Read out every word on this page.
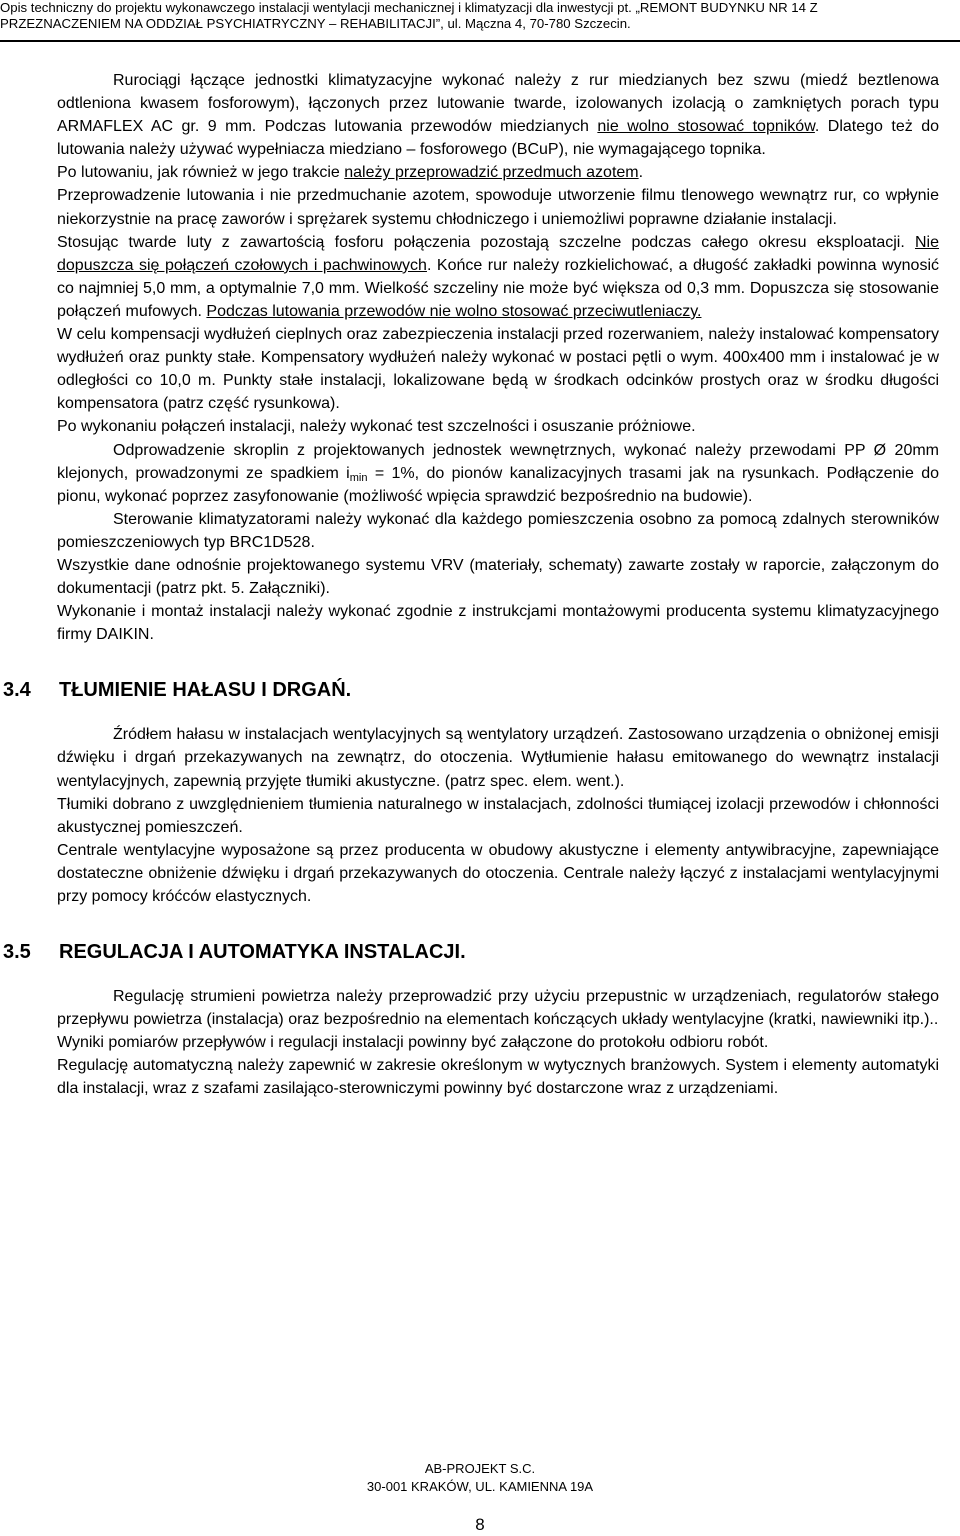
Opis techniczny do projektu wykonawczego instalacji wentylacji mechanicznej i klimatyzacji dla inwestycji pt. „REMONT BUDYNKU NR 14 Z
PRZEZNACZENIEM NA ODDZIAŁ PSYCHIATRYCZNY – REHABILITACJI”, ul. Mączna 4, 70-780 Szczecin.

Rurociągi łączące jednostki klimatyzacyjne wykonać należy z rur miedzianych bez szwu (miedź beztlenowa odtleniona kwasem fosforowym), łączonych przez lutowanie twarde, izolowanych izolacją o zamkniętych porach typu ARMAFLEX AC gr. 9 mm. Podczas lutowania przewodów miedzianych nie wolno stosować topników. Dlatego też do lutowania należy używać wypełniacza miedziano – fosforowego (BCuP), nie wymagającego topnika.

Po lutowaniu, jak również w jego trakcie należy przeprowadzić przedmuch azotem.

Przeprowadzenie lutowania i nie przedmuchanie azotem, spowoduje utworzenie filmu tlenowego wewnątrz rur, co wpłynie niekorzystnie na pracę zaworów i sprężarek systemu chłodniczego i uniemożliwi poprawne działanie instalacji.

Stosując twarde luty z zawartością fosforu połączenia pozostają szczelne podczas całego okresu eksploatacji. Nie dopuszcza się połączeń czołowych i pachwinowych. Końce rur należy rozkielichować, a długość zakładki powinna wynosić co najmniej 5,0 mm, a optymalnie 7,0 mm. Wielkość szczeliny nie może być większa od 0,3 mm. Dopuszcza się stosowanie połączeń mufowych. Podczas lutowania przewodów nie wolno stosować przeciwutleniaczy.

W celu kompensacji wydłużeń cieplnych oraz zabezpieczenia instalacji przed rozerwaniem, należy instalować kompensatory wydłużeń oraz punkty stałe. Kompensatory wydłużeń należy wykonać w postaci pętli o wym. 400x400 mm i instalować je w odległości co 10,0 m. Punkty stałe instalacji, lokalizowane będą w środkach odcinków prostych oraz w środku długości kompensatora (patrz część rysunkowa).

Po wykonaniu połączeń instalacji, należy wykonać test szczelności i osuszanie próżniowe.

Odprowadzenie skroplin z projektowanych jednostek wewnętrznych, wykonać należy przewodami PP Ø 20mm klejonych, prowadzonymi ze spadkiem $i_{min} = 1\%$, do pionów kanalizacyjnych trasami jak na rysunkach. Podłączenie do pionu, wykonać poprzez zasyfonowanie (możliwość wpięcia sprawdzić bezpośrednio na budowie).

Sterowanie klimatyzatorami należy wykonać dla każdego pomieszczenia osobno za pomocą zdalnych sterowników pomieszczeniowych typ BRC1D528.

Wszystkie dane odnośnie projektowanego systemu VRV (materiały, schematy) zawarte zostały w raporcie, załączonym do dokumentacji (patrz pkt. 5. Załączniki).

Wykonanie i montaż instalacji należy wykonać zgodnie z instrukcjami montażowymi producenta systemu klimatyzacyjnego firmy DAIKIN.

3.4 TŁUMIENIE HAŁASU I DRGAŃ.

Źródłem hałasu w instalacjach wentylacyjnych są wentylatory urządzeń. Zastosowano urządzenia o obniżonej emisji dźwięku i drgań przekazywanych na zewnątrz, do otoczenia. Wytłumienie hałasu emitowanego do wewnątrz instalacji wentylacyjnych, zapewnią przyjęte tłumiki akustyczne. (patrz spec. elem. went.).

Tłumiki dobrano z uwzględnieniem tłumienia naturalnego w instalacjach, zdolności tłumiącej izolacji przewodów i chłonności akustycznej pomieszczeń.

Centrale wentylacyjne wyposażone są przez producenta w obudowy akustyczne i elementy antywibracyjne, zapewniające dostateczne obniżenie dźwięku i drgań przekazywanych do otoczenia. Centrale należy łączyć z instalacjami wentylacyjnymi przy pomocy króćców elastycznych.

3.5 REGULACJA I AUTOMATYKA INSTALACJI.

Regulację strumieni powietrza należy przeprowadzić przy użyciu przepustnic w urządzeniach, regulatorów stałego przepływu powietrza (instalacja) oraz bezpośrednio na elementach kończących układy wentylacyjne (kratki, nawiewniki itp.)..

Wyniki pomiarów przepływów i regulacji instalacji powinny być załączone do protokołu odbioru robót.

Regulację automatyczną należy zapewnić w zakresie określonym w wytycznych branżowych. System i elementy automatyki dla instalacji, wraz z szafami zasilająco-sterowniczymi powinny być dostarczone wraz z urządzeniami.

AB-PROJEKT S.C.
30-001 KRAKÓW, UL. KAMIENNA 19A
8
